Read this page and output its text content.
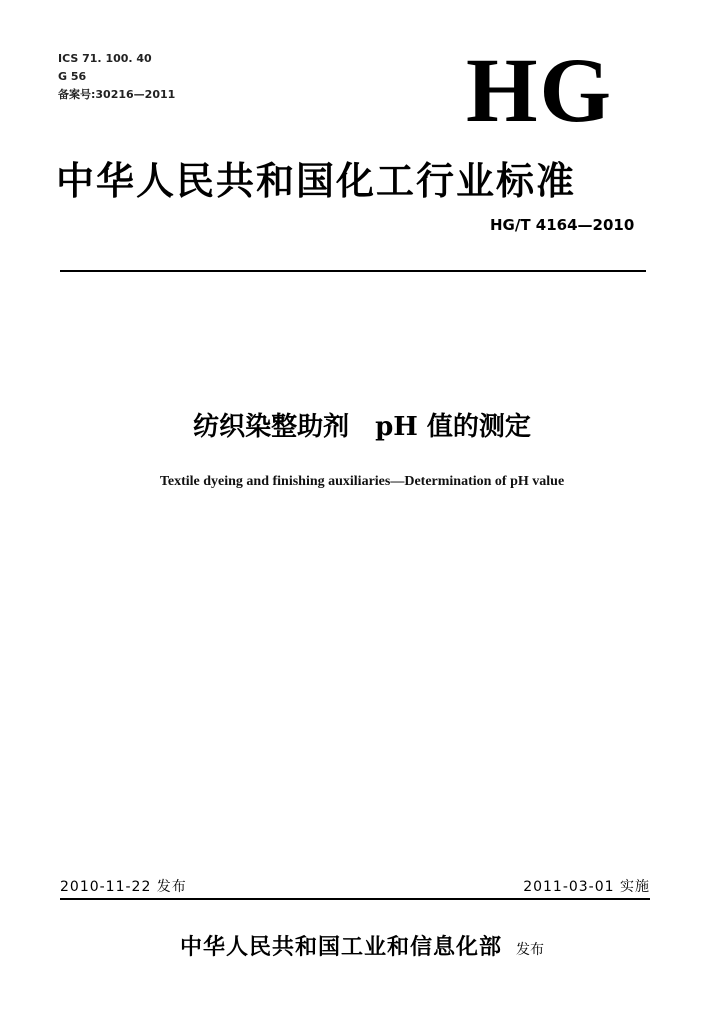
ICS 71. 100. 40
G 56
备案号:30216—2011	HG
中华人民共和国化工行业标准
HG/T 4164—2010
纺织染整助剂　pH 值的测定
Textile dyeing and finishing auxiliaries—Determination of pH value
2010-11-22 发布	2011-03-01 实施
中华人民共和国工业和信息化部 发布
